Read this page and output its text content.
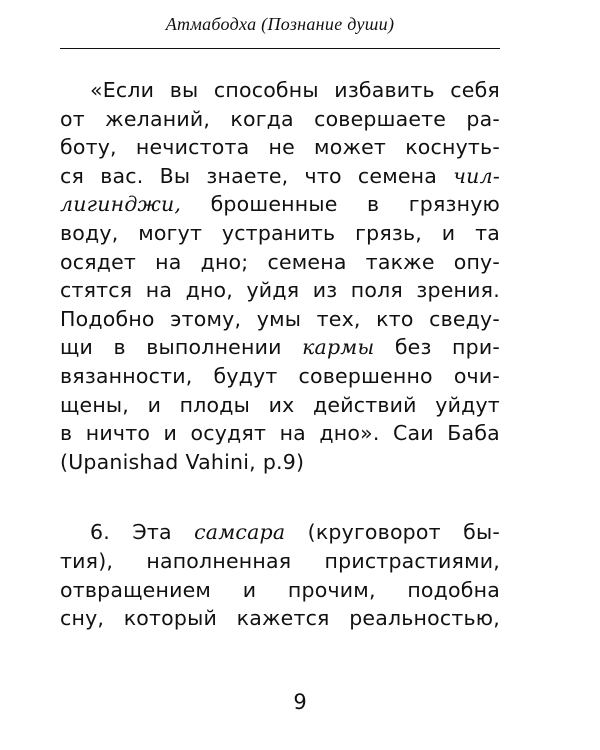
Атмабодха (Познание души)
«Если вы способны избавить себя
от желаний, когда совершаете ра-
боту, нечистота не может коснуть-
ся вас. Вы знаете, что семена чил-
лигинджи, брошенные в грязную
воду, могут устранить грязь, и та
осядет на дно; семена также опу-
стятся на дно, уйдя из поля зрения.
Подобно этому, умы тех, кто сведу-
щи в выполнении кармы без при-
вязанности, будут совершенно очи-
щены, и плоды их действий уйдут
в ничто и осудят на дно». Саи Баба
(Upanishad Vahini, p.9)
6. Эта самсара (круговорот бы-
тия), наполненная пристрастиями,
отвращением и прочим, подобна
сну, который кажется реальностью,
9
